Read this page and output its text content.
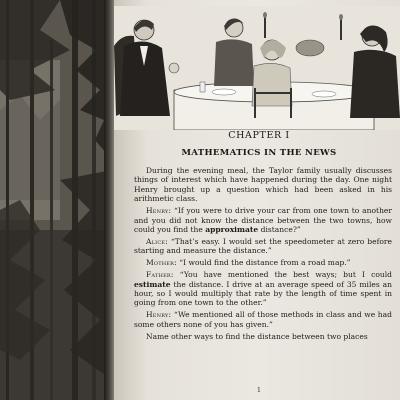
CHAPTER I
MATHEMATICS IN THE NEWS

During the evening meal, the Taylor family usually discusses things of interest which have happened during the day. One night Henry brought up a question which had been asked in his arithmetic class.

Henry: “If you were to drive your car from one town to another and you did not know the distance between the two towns, how could you find the approximate distance?”

Alice: “That’s easy. I would set the speedometer at zero before starting and measure the distance.”

Mother: “I would find the distance from a road map.”

Father: “You have mentioned the best ways; but I could estimate the distance. I drive at an average speed of 35 miles an hour, so I would multiply that rate by the length of time spent in going from one town to the other.”

Henry: “We mentioned all of those methods in class and we had some others none of you has given.”

Name other ways to find the distance between two places

1
